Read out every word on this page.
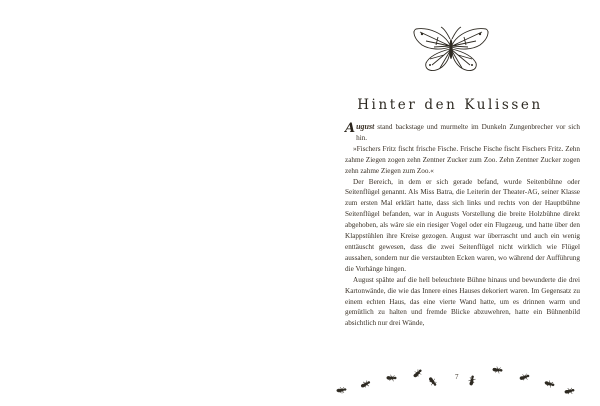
Hinter den Kulissen

August stand backstage und murmelte im Dunkeln Zungenbrecher vor sich hin.

»Fischers Fritz fischt frische Fische. Frische Fische fischt Fischers Fritz. Zehn zahme Ziegen zogen zehn Zentner Zucker zum Zoo. Zehn Zentner Zucker zogen zehn zahme Ziegen zum Zoo.«

Der Bereich, in dem er sich gerade befand, wurde Seitenbühne oder Seitenflügel genannt. Als Miss Batra, die Leiterin der Theater-AG, seiner Klasse zum ersten Mal erklärt hatte, dass sich links und rechts von der Hauptbühne Seitenflügel befanden, war in Augusts Vorstellung die breite Holzbühne direkt abgehoben, als wäre sie ein riesiger Vogel oder ein Flugzeug, und hatte über den Klappstühlen ihre Kreise gezogen. August war überrascht und auch ein wenig enttäuscht gewesen, dass die zwei Seitenflügel nicht wirklich wie Flügel aussahen, sondern nur die verstaubten Ecken waren, wo während der Aufführung die Vorhänge hingen.

August spähte auf die hell beleuchtete Bühne hinaus und bewunderte die drei Kartonwände, die wie das Innere eines Hauses dekoriert waren. Im Gegensatz zu einem echten Haus, das eine vierte Wand hatte, um es drinnen warm und gemütlich zu halten und fremde Blicke abzuwehren, hatte ein Bühnenbild absichtlich nur drei Wände,

7
